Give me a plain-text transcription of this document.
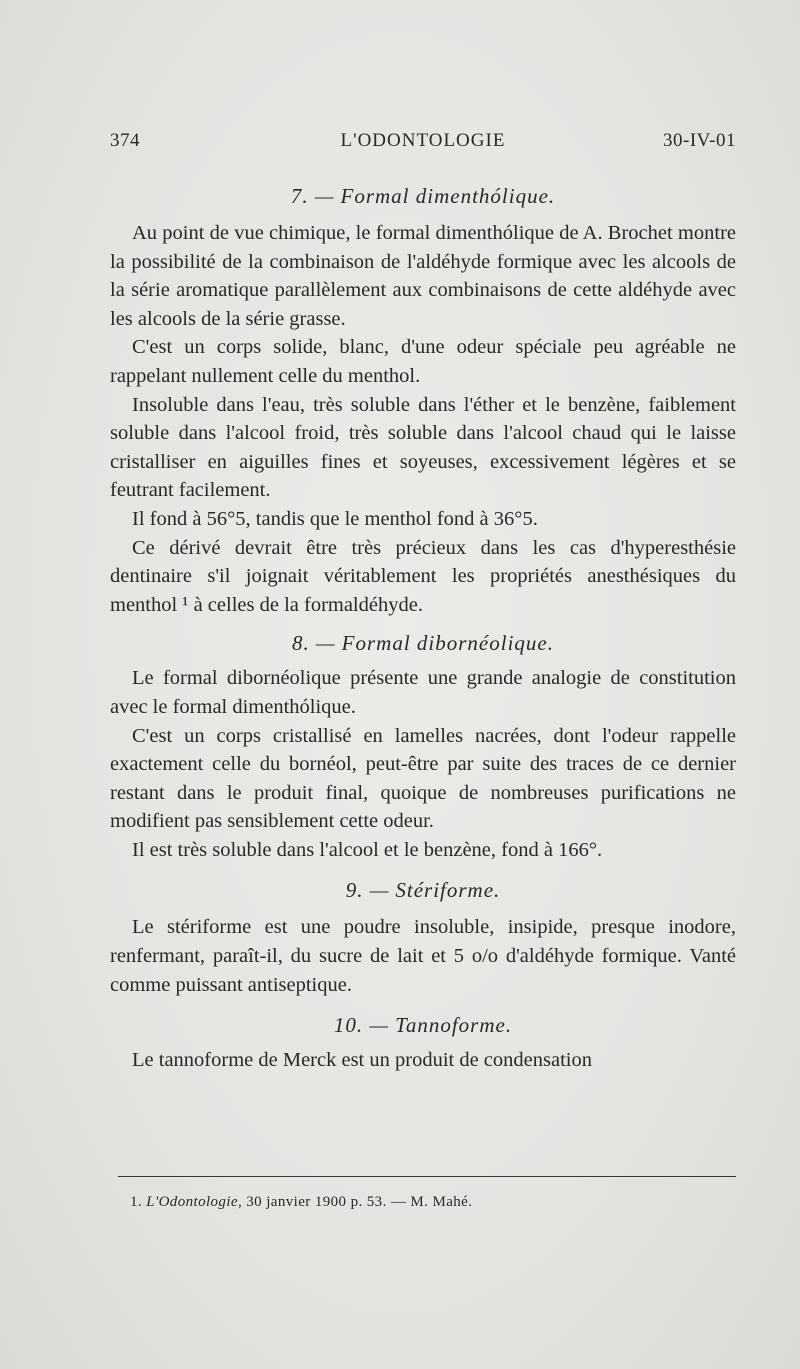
374	L'ODONTOLOGIE	30-IV-01

7. — Formal dimenthólique.

Au point de vue chimique, le formal dimenthólique de A. Brochet montre la possibilité de la combinaison de l'aldéhyde formique avec les alcools de la série aromatique parallèlement aux combinaisons de cette aldéhyde avec les alcools de la série grasse.

C'est un corps solide, blanc, d'une odeur spéciale peu agréable ne rappelant nullement celle du menthol.

Insoluble dans l'eau, très soluble dans l'éther et le benzène, faiblement soluble dans l'alcool froid, très soluble dans l'alcool chaud qui le laisse cristalliser en aiguilles fines et soyeuses, excessivement légères et se feutrant facilement.

Il fond à 56°5, tandis que le menthol fond à 36°5.

Ce dérivé devrait être très précieux dans les cas d'hyperesthésie dentinaire s'il joignait véritablement les propriétés anesthésiques du menthol ¹ à celles de la formaldéhyde.

8. — Formal dibornéolique.

Le formal dibornéolique présente une grande analogie de constitution avec le formal dimenthólique.

C'est un corps cristallisé en lamelles nacrées, dont l'odeur rappelle exactement celle du bornéol, peut-être par suite des traces de ce dernier restant dans le produit final, quoique de nombreuses purifications ne modifient pas sensiblement cette odeur.

Il est très soluble dans l'alcool et le benzène, fond à 166°.

9. — Stériforme.

Le stériforme est une poudre insoluble, insipide, presque inodore, renfermant, paraît-il, du sucre de lait et 5 o/o d'aldéhyde formique. Vanté comme puissant antiseptique.

10. — Tannoforme.

Le tannoforme de Merck est un produit de condensation

1. L'Odontologie, 30 janvier 1900 p. 53. — M. Mahé.
